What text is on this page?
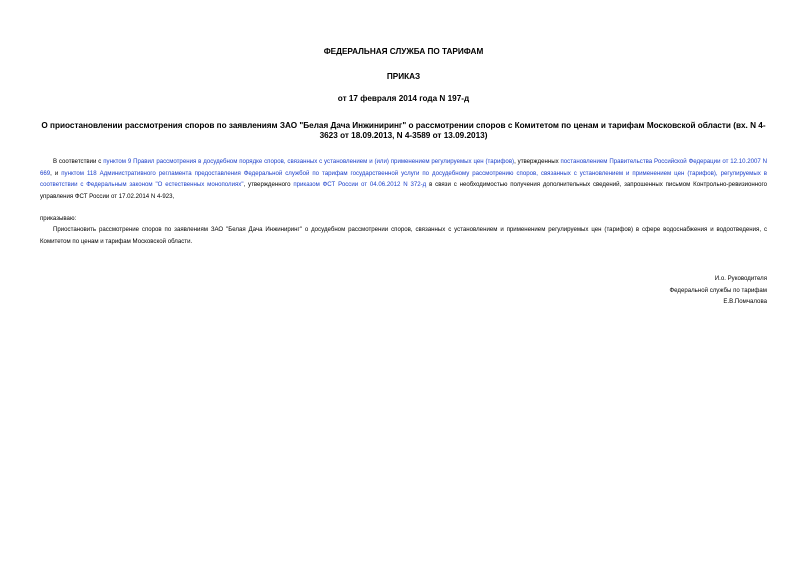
ФЕДЕРАЛЬНАЯ СЛУЖБА ПО ТАРИФАМ

ПРИКАЗ

от 17 февраля 2014 года N 197-д

О приостановлении рассмотрения споров по заявлениям ЗАО "Белая Дача Инжиниринг" о рассмотрении споров с Комитетом по ценам и тарифам Московской области (вх. N 4-3623 от 18.09.2013, N 4-3589 от 13.09.2013)

В соответствии с пунктом 9 Правил рассмотрения в досудебном порядке споров, связанных с установлением и (или) применением регулируемых цен (тарифов), утвержденных постановлением Правительства Российской Федерации от 12.10.2007 N 669, и пунктом 118 Административного регламента предоставления Федеральной службой по тарифам государственной услуги по досудебному рассмотрению споров, связанных с установлением и применением цен (тарифов), регулируемых в соответствии с Федеральным законом "О естественных монополиях", утвержденного приказом ФСТ России от 04.06.2012 N 372-д в связи с необходимостью получения дополнительных сведений, запрошенных письмом Контрольно-ревизионного управления ФСТ России от 17.02.2014 N 4-923,

приказываю:

Приостановить рассмотрение споров по заявлениям ЗАО "Белая Дача Инжиниринг" о досудебном рассмотрении споров, связанных с установлением и применением регулируемых цен (тарифов) в сфере водоснабжения и водоотведения, с Комитетом по ценам и тарифам Московской области.

И.о. Руководителя
Федеральной службы по тарифам
Е.В.Помчалова
